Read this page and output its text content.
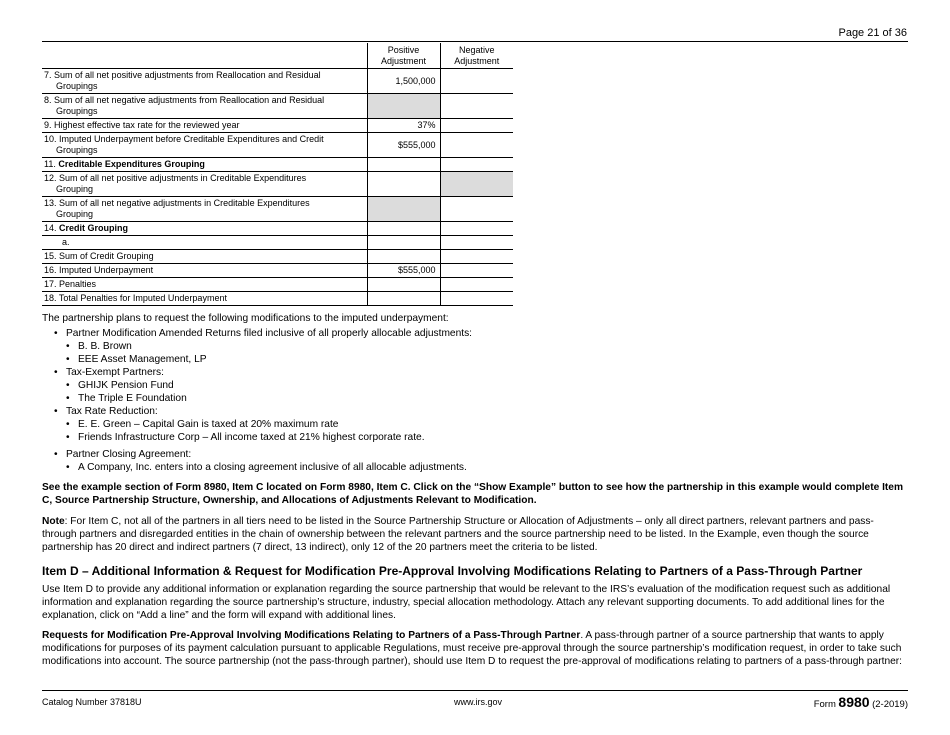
Page 21 of 36
	Positive Adjustment	Negative Adjustment
7. Sum of all net positive adjustments from Reallocation and Residual
Groupings	1,500,000	
8. Sum of all net negative adjustments from Reallocation and Residual
Groupings		

9. Highest effective tax rate for the reviewed year	37%	
10. Imputed Underpayment before Creditable Expenditures and Credit
Groupings	$555,000	
11. Creditable Expenditures Grouping		
12. Sum of all net positive adjustments in Creditable Expenditures
Grouping		

13. Sum of all net negative adjustments in Creditable Expenditures
Grouping		

14. Credit Grouping		
a.		
15. Sum of Credit Grouping		
16. Imputed Underpayment	$555,000	
17. Penalties		
18. Total Penalties for Imputed Underpayment		
The partnership plans to request the following modifications to the imputed underpayment:
• Partner Modification Amended Returns filed inclusive of all properly allocable adjustments:
• B. B. Brown
• EEE Asset Management, LP
• Tax-Exempt Partners:
• GHIJK Pension Fund
• The Triple E Foundation
• Tax Rate Reduction:
• E. E. Green – Capital Gain is taxed at 20% maximum rate
• Friends Infrastructure Corp – All income taxed at 21% highest corporate rate.
• Partner Closing Agreement:
• A Company, Inc. enters into a closing agreement inclusive of all allocable adjustments.
See the example section of Form 8980, Item C located on Form 8980, Item C. Click on the “Show Example” button to see how the partnership in this example would complete Item C, Source Partnership Structure, Ownership, and Allocations of Adjustments Relevant to Modification.
Note: For Item C, not all of the partners in all tiers need to be listed in the Source Partnership Structure or Allocation of Adjustments – only all direct partners, relevant partners and pass-through partners and disregarded entities in the chain of ownership between the relevant partners and the source partnership need to be listed. In the Example, even though the source partnership has 20 direct and indirect partners (7 direct, 13 indirect), only 12 of the 20 partners meet the criteria to be listed.
Item D – Additional Information & Request for Modification Pre-Approval Involving Modifications Relating to Partners of a Pass-Through Partner
Use Item D to provide any additional information or explanation regarding the source partnership that would be relevant to the IRS’s evaluation of the modification request such as additional information and explanation regarding the source partnership’s structure, industry, special allocation methodology. Attach any relevant supporting documents. To add additional lines for the explanation, click on “Add a line” and the form will expand with additional lines.
Requests for Modification Pre-Approval Involving Modifications Relating to Partners of a Pass-Through Partner. A pass-through partner of a source partnership that wants to apply modifications for purposes of its payment calculation pursuant to applicable Regulations, must receive pre-approval through the source partnership’s modification request, in order to take such modifications into account. The source partnership (not the pass-through partner), should use Item D to request the pre-approval of modifications relating to partners of a pass-through partner:
Catalog Number 37818U	www.irs.gov	Form 8980 (2-2019)
